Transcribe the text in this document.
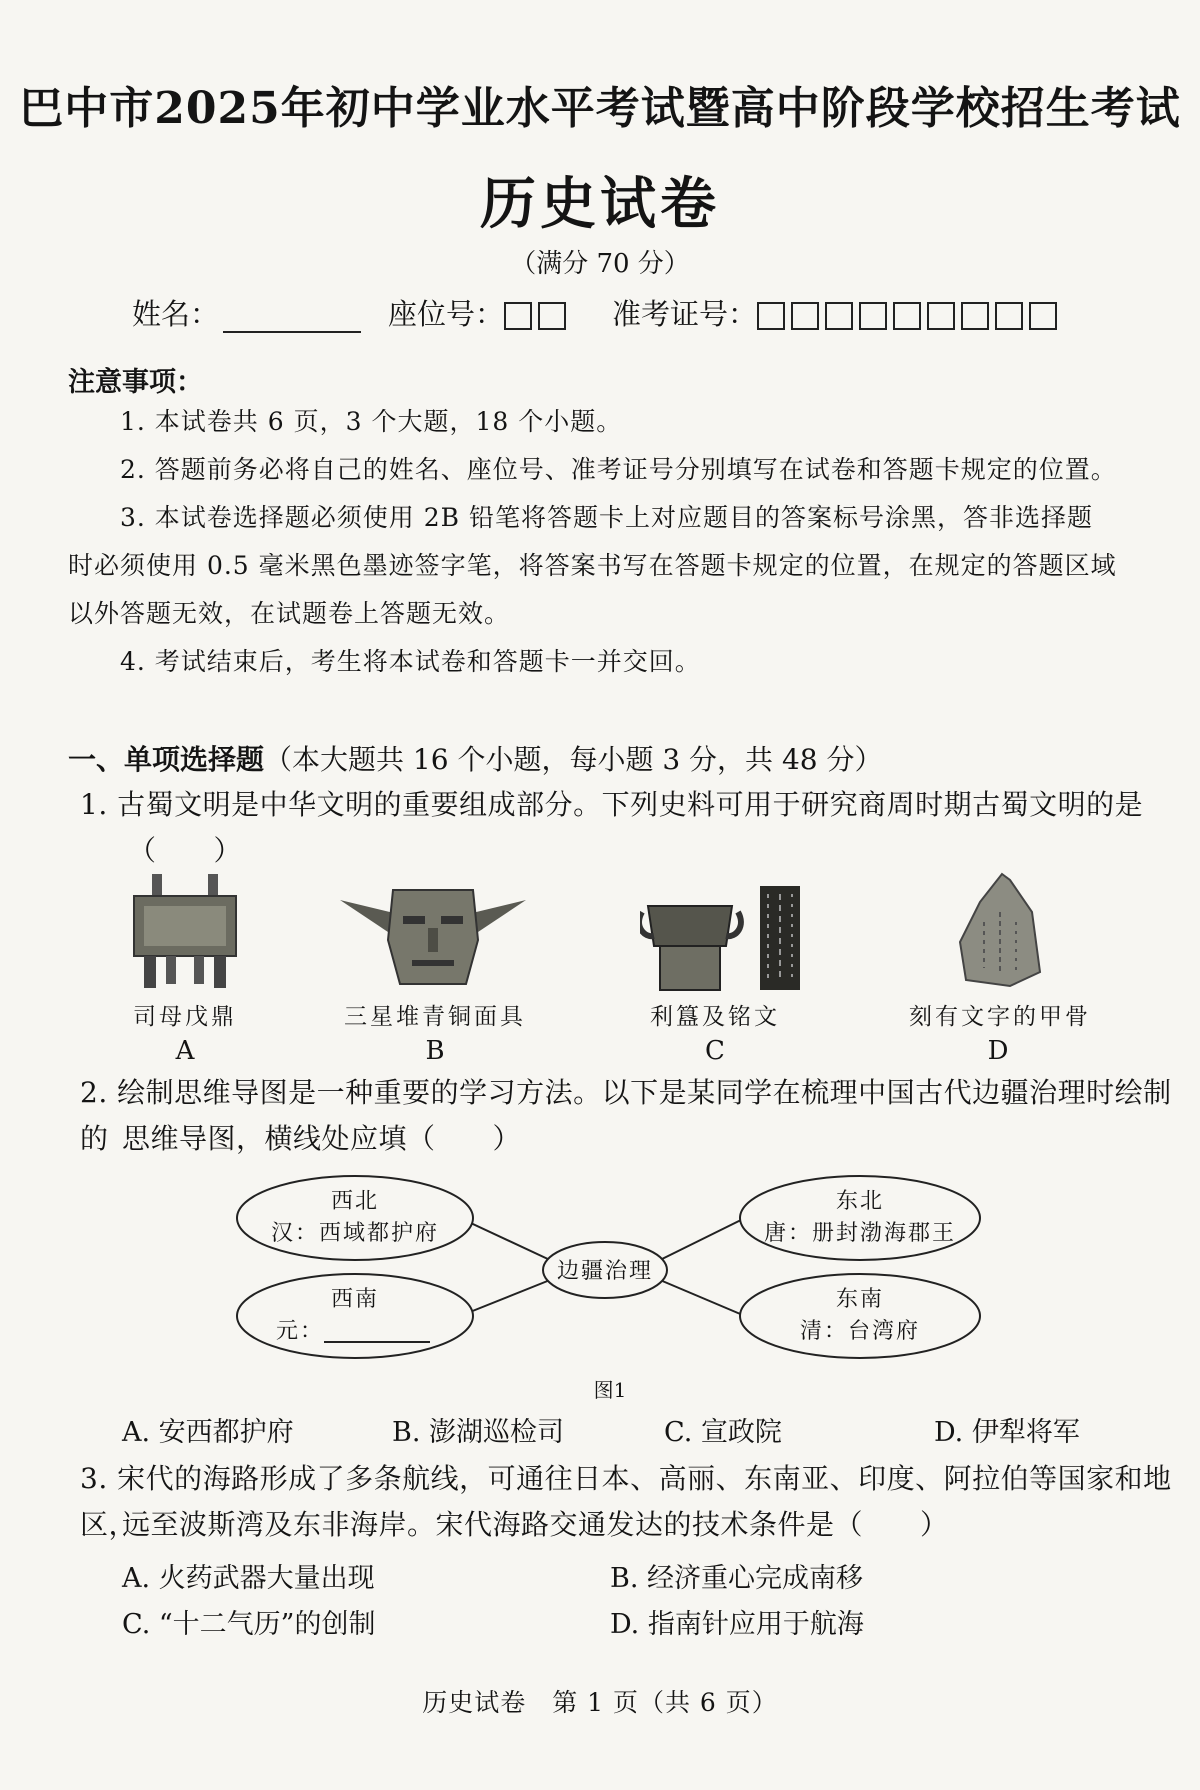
巴中市2025年初中学业水平考试暨高中阶段学校招生考试
历史试卷
（满分 70 分）
姓名：	座位号：	准考证号：
注意事项：
1. 本试卷共 6 页，3 个大题，18 个小题。
2. 答题前务必将自己的姓名、座位号、准考证号分别填写在试卷和答题卡规定的位置。
3. 本试卷选择题必须使用 2B 铅笔将答题卡上对应题目的答案标号涂黑，答非选择题
时必须使用 0.5 毫米黑色墨迹签字笔，将答案书写在答题卡规定的位置，在规定的答题区域
以外答题无效，在试题卷上答题无效。
4. 考试结束后，考生将本试卷和答题卡一并交回。
一、单项选择题（本大题共 16 个小题，每小题 3 分，共 48 分）
1. 古蜀文明是中华文明的重要组成部分。下列史料可用于研究商周时期古蜀文明的是
（　　）
司母戊鼎	三星堆青铜面具	利簋及铭文	刻有文字的甲骨
A	B	C	D
2. 绘制思维导图是一种重要的学习方法。以下是某同学在梳理中国古代边疆治理时绘制的 思维导图，横线处应填（　　）
边疆治理
西北
汉：西域都护府
东北
唐：册封渤海郡王
西南
元：
东南
清：台湾府
图1
A. 安西都护府	B. 澎湖巡检司	C. 宣政院	D. 伊犁将军
3. 宋代的海路形成了多条航线，可通往日本、高丽、东南亚、印度、阿拉伯等国家和地区，
远至波斯湾及东非海岸。宋代海路交通发达的技术条件是（　　）
A. 火药武器大量出现	B. 经济重心完成南移
C. “十二气历”的创制	D. 指南针应用于航海
历史试卷　第 1 页（共 6 页）
